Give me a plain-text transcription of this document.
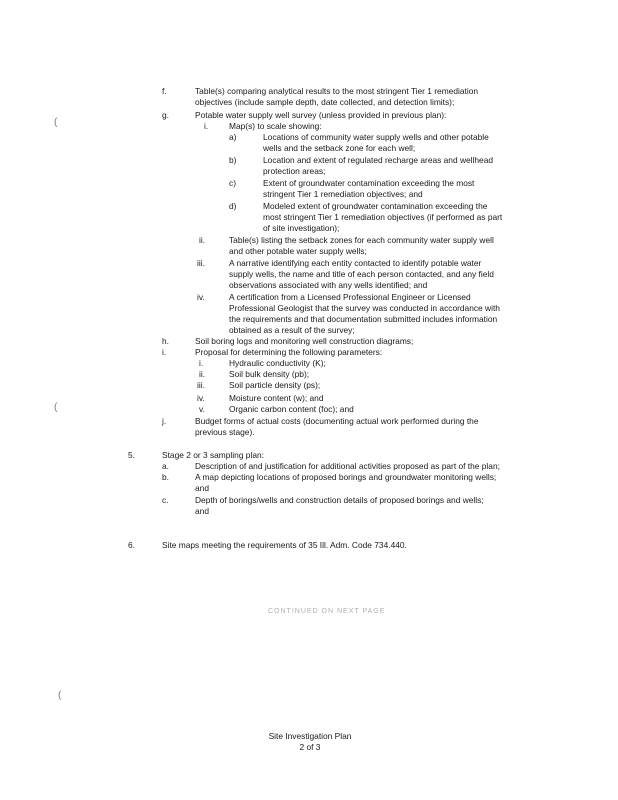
f.	Table(s) comparing analytical results to the most stringent Tier 1 remediation
objectives (include sample depth, date collected, and detection limits);
g.	Potable water supply well survey (unless provided in previous plan):
i. Map(s) to scale showing:
a)	Locations of community water supply wells and other potable
wells and the setback zone for each well;
b)	Location and extent of regulated recharge areas and wellhead
protection areas;
c)	Extent of groundwater contamination exceeding the most
stringent Tier 1 remediation objectives; and
d)	Modeled extent of groundwater contamination exceeding the
most stringent Tier 1 remediation objectives (if performed as part
of site investigation);
ii.	Table(s) listing the setback zones for each community water supply well
and other potable water supply wells;
iii.	A narrative identifying each entity contacted to identify potable water
supply wells, the name and title of each person contacted, and any field
observations associated with any wells identified; and
iv.	A certification from a Licensed Professional Engineer or Licensed
Professional Geologist that the survey was conducted in accordance with
the requirements and that documentation submitted includes information
obtained as a result of the survey;
h.	Soil boring logs and monitoring well construction diagrams;
i.	Proposal for determining the following parameters:
i.	Hydraulic conductivity (K);
ii.	Soil bulk density (pb);
iii.	Soil particle density (ps);
iv.	Moisture content (w); and
v.	Organic carbon content (foc); and
j.	Budget forms of actual costs (documenting actual work performed during the
previous stage).
5.	Stage 2 or 3 sampling plan:
a.	Description of and justification for additional activities proposed as part of the plan;
b.	A map depicting locations of proposed borings and groundwater monitoring wells;
and
c.	Depth of borings/wells and construction details of proposed borings and wells;
and
6.	Site maps meeting the requirements of 35 Ill. Adm. Code 734.440.
CONTINUED ON NEXT PAGE
(
(
(
Site Investigation Plan
2 of 3
